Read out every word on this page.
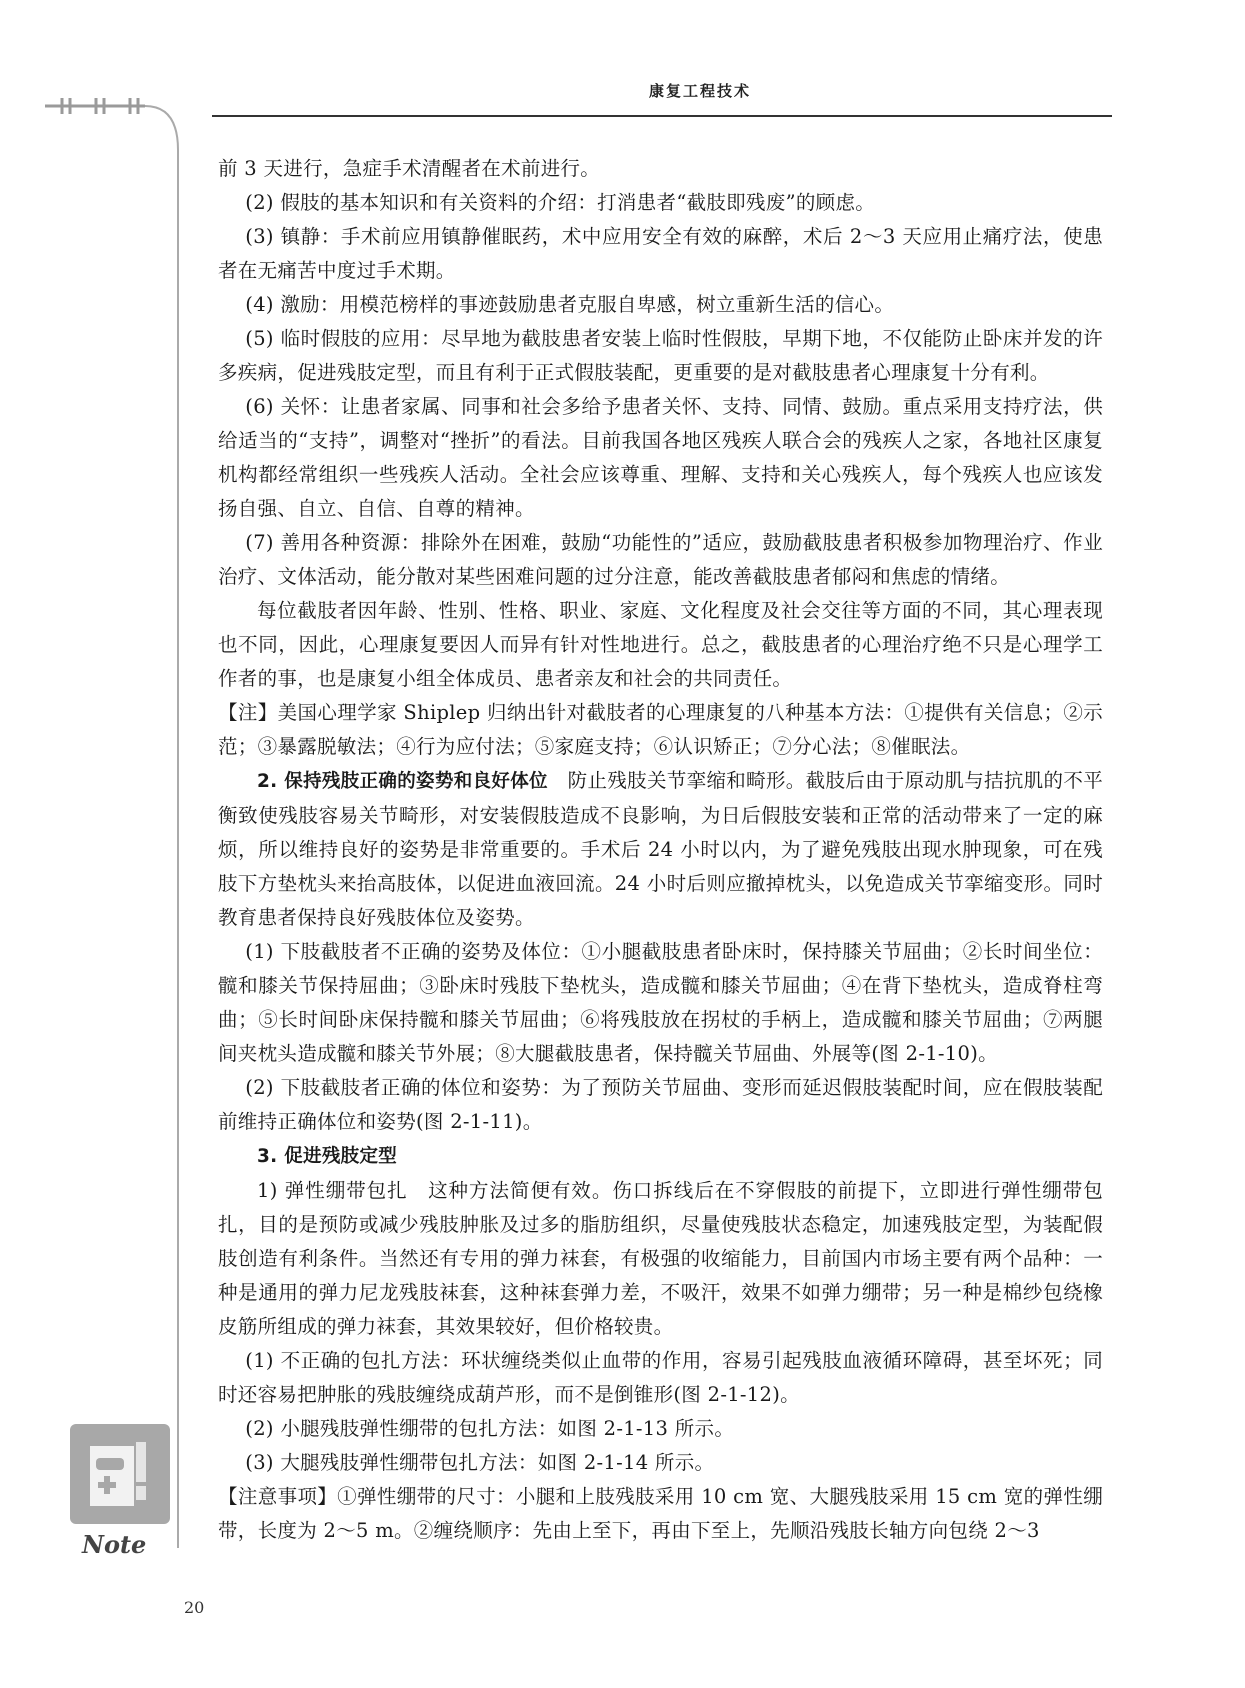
康复工程技术
Note

前 3 天进行，急症手术清醒者在术前进行。

(2) 假肢的基本知识和有关资料的介绍：打消患者“截肢即残废”的顾虑。

(3) 镇静：手术前应用镇静催眠药，术中应用安全有效的麻醉，术后 2～3 天应用止痛疗法，使患者在无痛苦中度过手术期。

(4) 激励：用模范榜样的事迹鼓励患者克服自卑感，树立重新生活的信心。

(5) 临时假肢的应用：尽早地为截肢患者安装上临时性假肢，早期下地，不仅能防止卧床并发的许多疾病，促进残肢定型，而且有利于正式假肢装配，更重要的是对截肢患者心理康复十分有利。

(6) 关怀：让患者家属、同事和社会多给予患者关怀、支持、同情、鼓励。重点采用支持疗法，供给适当的“支持”，调整对“挫折”的看法。目前我国各地区残疾人联合会的残疾人之家，各地社区康复机构都经常组织一些残疾人活动。全社会应该尊重、理解、支持和关心残疾人，每个残疾人也应该发扬自强、自立、自信、自尊的精神。

(7) 善用各种资源：排除外在困难，鼓励“功能性的”适应，鼓励截肢患者积极参加物理治疗、作业治疗、文体活动，能分散对某些困难问题的过分注意，能改善截肢患者郁闷和焦虑的情绪。

每位截肢者因年龄、性别、性格、职业、家庭、文化程度及社会交往等方面的不同，其心理表现也不同，因此，心理康复要因人而异有针对性地进行。总之，截肢患者的心理治疗绝不只是心理学工作者的事，也是康复小组全体成员、患者亲友和社会的共同责任。

【注】美国心理学家 Shiplep 归纳出针对截肢者的心理康复的八种基本方法：①提供有关信息；②示范；③暴露脱敏法；④行为应付法；⑤家庭支持；⑥认识矫正；⑦分心法；⑧催眠法。

2. 保持残肢正确的姿势和良好体位　防止残肢关节挛缩和畸形。截肢后由于原动肌与拮抗肌的不平衡致使残肢容易关节畸形，对安装假肢造成不良影响，为日后假肢安装和正常的活动带来了一定的麻烦，所以维持良好的姿势是非常重要的。手术后 24 小时以内，为了避免残肢出现水肿现象，可在残肢下方垫枕头来抬高肢体，以促进血液回流。24 小时后则应撤掉枕头，以免造成关节挛缩变形。同时教育患者保持良好残肢体位及姿势。

(1) 下肢截肢者不正确的姿势及体位：①小腿截肢患者卧床时，保持膝关节屈曲；②长时间坐位：髋和膝关节保持屈曲；③卧床时残肢下垫枕头，造成髋和膝关节屈曲；④在背下垫枕头，造成脊柱弯曲；⑤长时间卧床保持髋和膝关节屈曲；⑥将残肢放在拐杖的手柄上，造成髋和膝关节屈曲；⑦两腿间夹枕头造成髋和膝关节外展；⑧大腿截肢患者，保持髋关节屈曲、外展等(图 2-1-10)。

(2) 下肢截肢者正确的体位和姿势：为了预防关节屈曲、变形而延迟假肢装配时间，应在假肢装配前维持正确体位和姿势(图 2-1-11)。

3. 促进残肢定型

1) 弹性绷带包扎　这种方法简便有效。伤口拆线后在不穿假肢的前提下，立即进行弹性绷带包扎，目的是预防或减少残肢肿胀及过多的脂肪组织，尽量使残肢状态稳定，加速残肢定型，为装配假肢创造有利条件。当然还有专用的弹力袜套，有极强的收缩能力，目前国内市场主要有两个品种：一种是通用的弹力尼龙残肢袜套，这种袜套弹力差，不吸汗，效果不如弹力绷带；另一种是棉纱包绕橡皮筋所组成的弹力袜套，其效果较好，但价格较贵。

(1) 不正确的包扎方法：环状缠绕类似止血带的作用，容易引起残肢血液循环障碍，甚至坏死；同时还容易把肿胀的残肢缠绕成葫芦形，而不是倒锥形(图 2-1-12)。

(2) 小腿残肢弹性绷带的包扎方法：如图 2-1-13 所示。

(3) 大腿残肢弹性绷带包扎方法：如图 2-1-14 所示。

【注意事项】①弹性绷带的尺寸：小腿和上肢残肢采用 10 cm 宽、大腿残肢采用 15 cm 宽的弹性绷带，长度为 2～5 m。②缠绕顺序：先由上至下，再由下至上，先顺沿残肢长轴方向包绕 2～3

20
